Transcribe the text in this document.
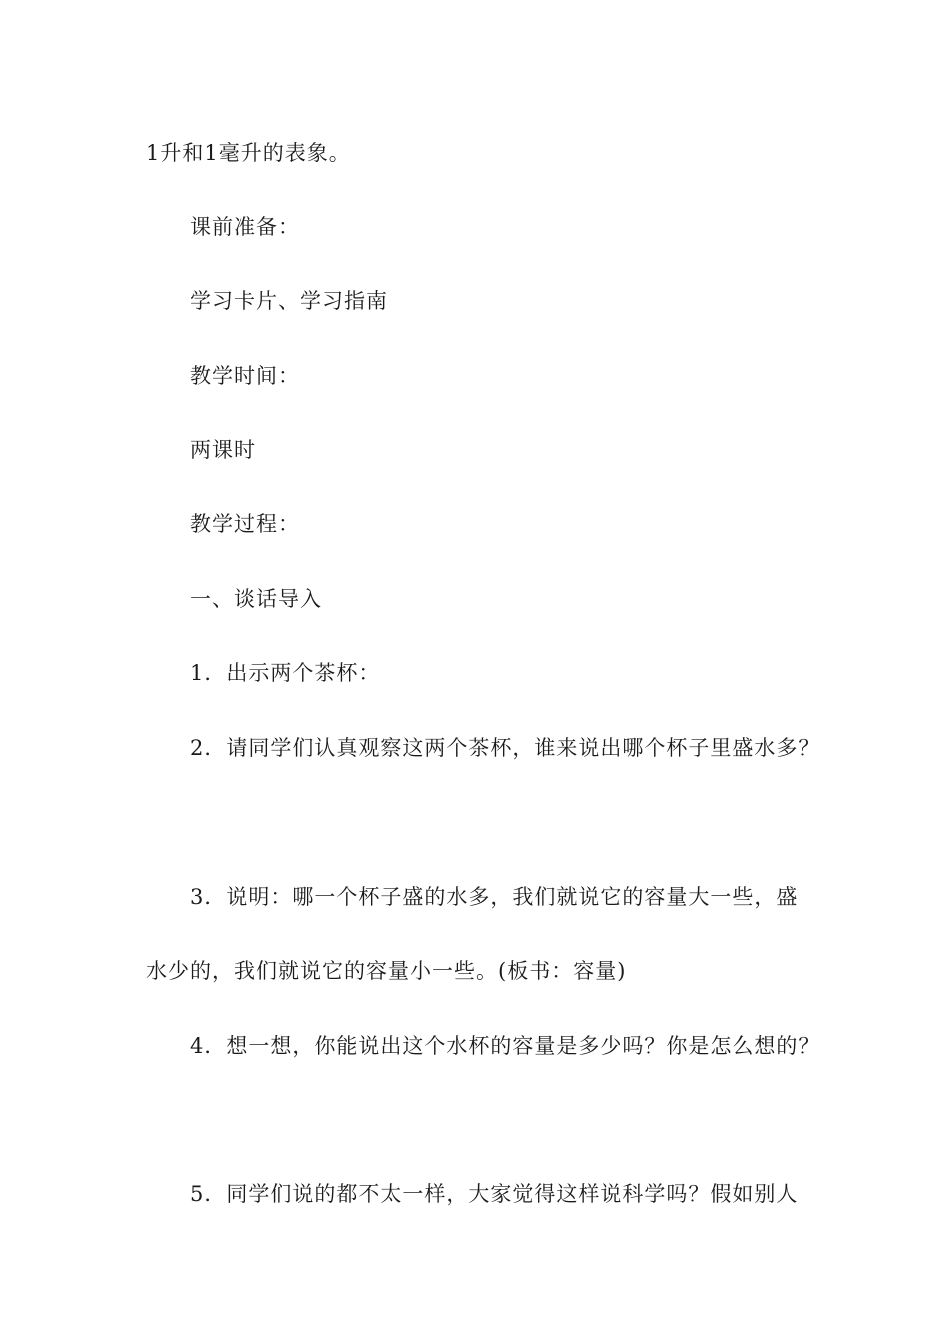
1升和1毫升的表象。
课前准备：
学习卡片、学习指南
教学时间：
两课时
教学过程：
一、谈话导入
1．出示两个茶杯：
2．请同学们认真观察这两个茶杯，谁来说出哪个杯子里盛水多？
3．说明：哪一个杯子盛的水多，我们就说它的容量大一些，盛
水少的，我们就说它的容量小一些。(板书：容量)
4．想一想，你能说出这个水杯的容量是多少吗？你是怎么想的？
5．同学们说的都不太一样，大家觉得这样说科学吗？假如别人
